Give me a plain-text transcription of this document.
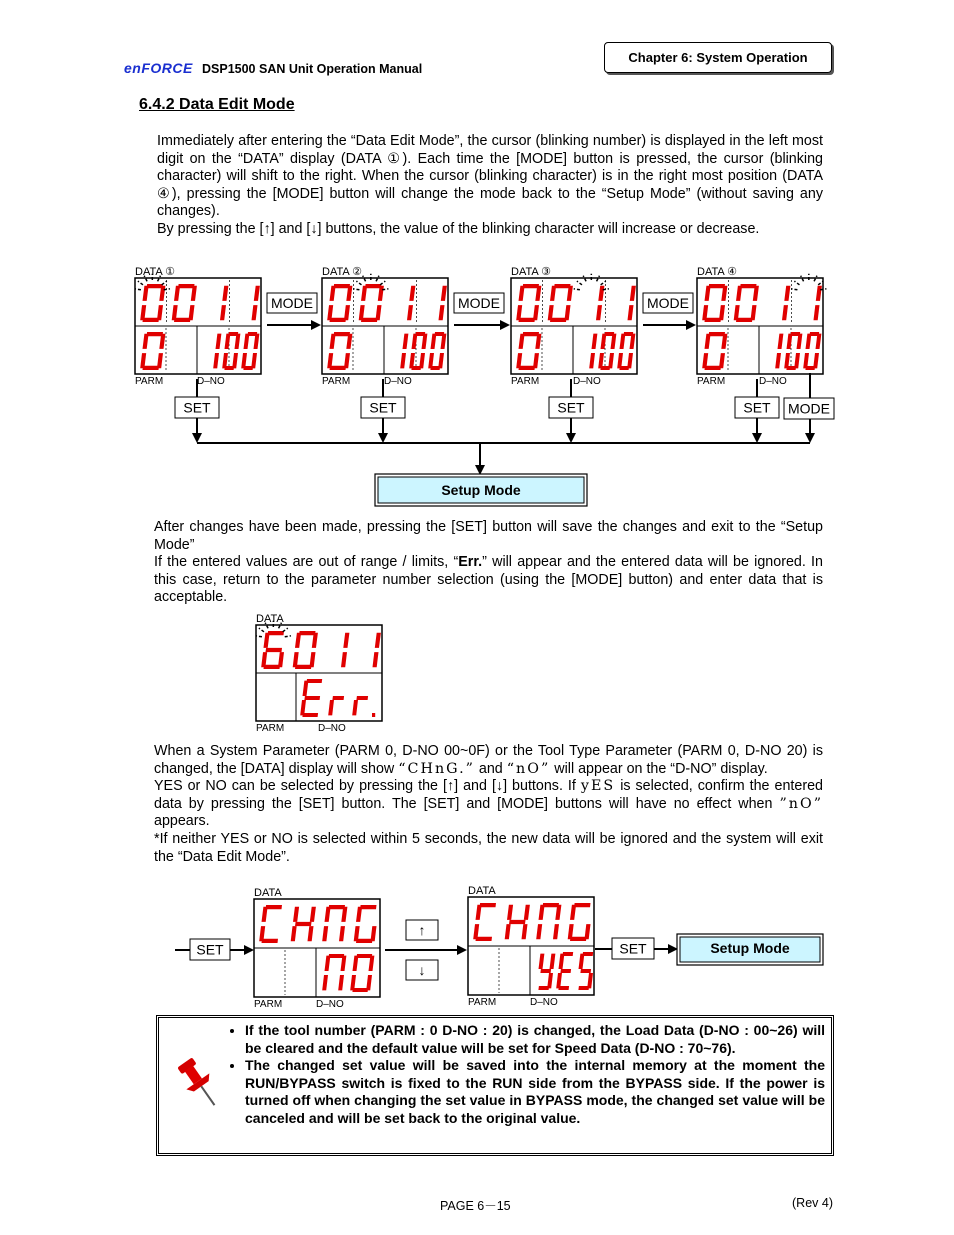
enFORCE DSP1500 SAN Unit Operation Manual
Chapter 6: System Operation
6.4.2 Data Edit Mode
Immediately after entering the “Data Edit Mode”, the cursor (blinking number) is displayed in the left most digit on the “DATA” display (DATA ①). Each time the [MODE] button is pressed, the cursor (blinking character) will shift to the right. When the cursor (blinking character) is in the right most position (DATA ④), pressing the [MODE] button will change the mode back to the “Setup Mode” (without saving any changes).
By pressing the [↑] and [↓] buttons, the value of the blinking character will increase or decrease.
DATA ①
PARM	D–NO
DATA ②
PARM	D–NO
DATA ③
PARM	D–NO
DATA ④
PARM	D–NO
MODE	MODE	MODE
SET	SET	SET	SET MODE
Setup Mode
After changes have been made, pressing the [SET] button will save the changes and exit to the “Setup Mode”
If the entered values are out of range / limits, “Err.” will appear and the entered data will be ignored. In this case, return to the parameter number selection (using the [MODE] button) and enter data that is acceptable.
DATA
PARM	D–NO
When a System Parameter (PARM 0, D-NO 00~0F) or the Tool Type Parameter (PARM 0, D-NO 20) is changed, the [DATA] display will show “CHnG.” and “nO” will appear on the “D-NO” display.
YES or NO can be selected by pressing the [↑] and [↓] buttons. If yES is selected, confirm the entered data by pressing the [SET] button. The [SET] and [MODE] buttons will have no effect when ”nO” appears.
*If neither YES or NO is selected within 5 seconds, the new data will be ignored and the system will exit the “Data Edit Mode”.
DATA
PARM	D–NO
DATA
PARM	D–NO
SET
↑
↓
SET	Setup Mode
• If the tool number (PARM : 0 D-NO : 20) is changed, the Load Data (D-NO : 00~26) will be cleared and the default value will be set for Speed Data (D-NO : 70~76).
• The changed set value will be saved into the internal memory at the moment the RUN/BYPASS switch is fixed to the RUN side from the BYPASS side. If the power is turned off when changing the set value in BYPASS mode, the changed set value will be canceled and will be set back to the original value.
PAGE 6－15	(Rev 4)
